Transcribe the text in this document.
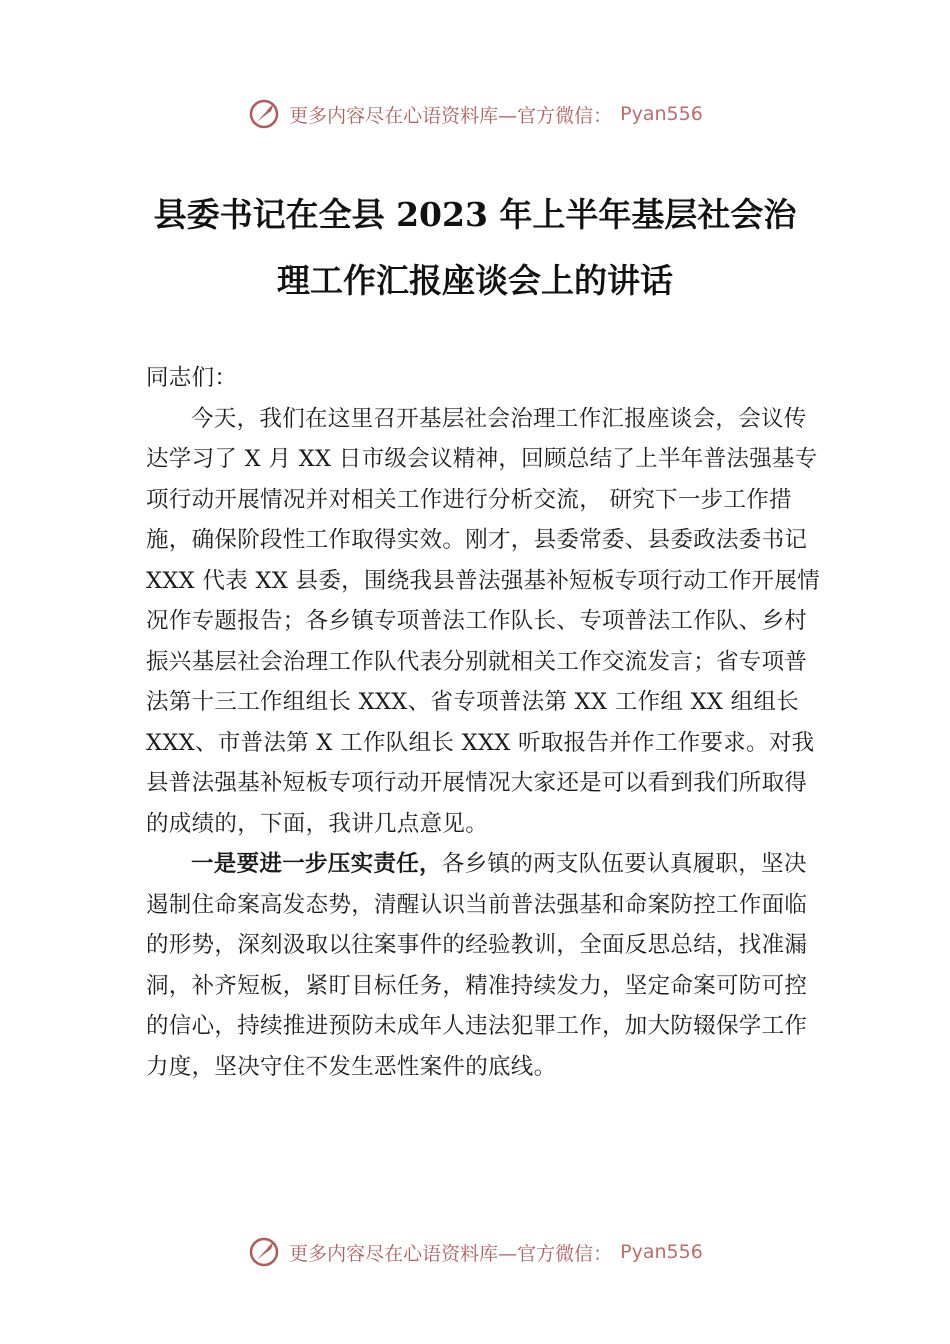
更多内容尽在心语资料库—官方微信： Pyan556
县委书记在全县 2023 年上半年基层社会治
理工作汇报座谈会上的讲话

同志们：

今天，我们在这里召开基层社会治理工作汇报座谈会，会议传达学习了 X 月 XX 日市级会议精神，回顾总结了上半年普法强基专项行动开展情况并对相关工作进行分析交流， 研究下一步工作措施，确保阶段性工作取得实效。刚才，县委常委、县委政法委书记 XXX 代表 XX 县委，围绕我县普法强基补短板专项行动工作开展情况作专题报告；各乡镇专项普法工作队长、专项普法工作队、乡村振兴基层社会治理工作队代表分别就相关工作交流发言；省专项普法第十三工作组组长 XXX、省专项普法第 XX 工作组 XX 组组长 XXX、市普法第 X 工作队组长 XXX 听取报告并作工作要求。对我县普法强基补短板专项行动开展情况大家还是可以看到我们所取得的成绩的，下面，我讲几点意见。

一是要进一步压实责任，各乡镇的两支队伍要认真履职，坚决遏制住命案高发态势，清醒认识当前普法强基和命案防控工作面临的形势，深刻汲取以往案事件的经验教训，全面反思总结，找准漏洞，补齐短板，紧盯目标任务，精准持续发力，坚定命案可防可控的信心，持续推进预防未成年人违法犯罪工作，加大防辍保学工作力度，坚决守住不发生恶性案件的底线。

更多内容尽在心语资料库—官方微信： Pyan556
